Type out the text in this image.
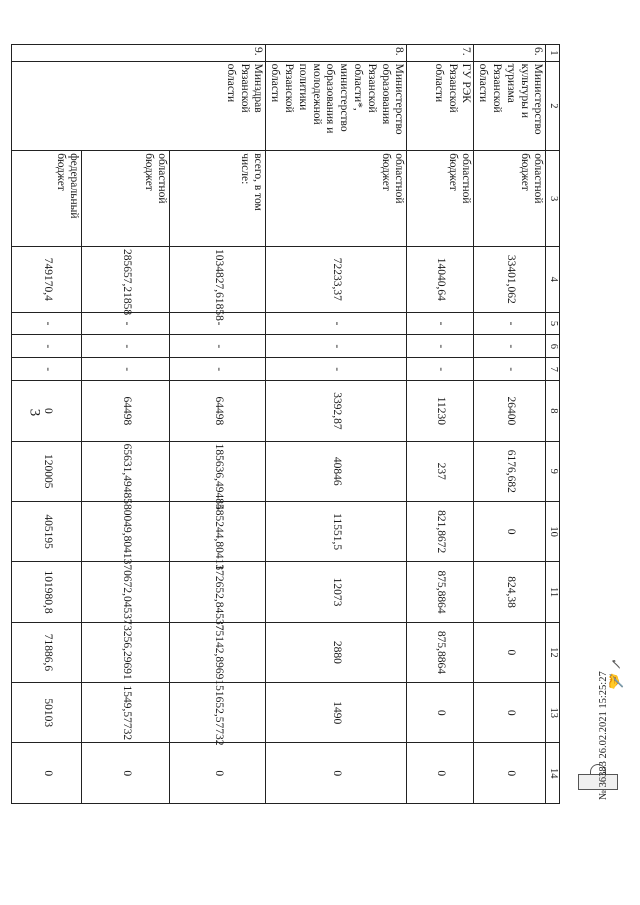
3
1	2	3	4	5	6	7	8	9	10	11	12	13	14
6.	Министерство культуры и туризма Рязанской области	областной бюджет	33401,062	-	-	-	26400	6176,682	0	824,38	0	0	0
7.	ГУ РЭК Рязанской области	областной бюджет	14040,64	-	-	-	11230	237	821,8672	875,8864	875,8864	0	0
8.	Министерство образования Рязанской области*, министерство образования и молодежной политики Рязанской области	областной бюджет	72233,37	-	-	-	3392,87	40846	11551,5	12073	2880	1490	0
9.	Минздрав Рязанской области	всего, в том числе:	1034827,61858	-	-	-	64498	185636,49485	485244,80413	172652,84537	75142,89691	51652,57732	0
		областной бюджет	285657,21858	-	-	-	64498	65631,49485	80049,80413	70672,04537	3256,29691	1549,57732	0
		федеральный бюджет	749170,4	-	-	-	0	120005	405195	101980,8	71886,6	50103	0
✓ ✍
№ 36383 26.02.2021 15:25:27
